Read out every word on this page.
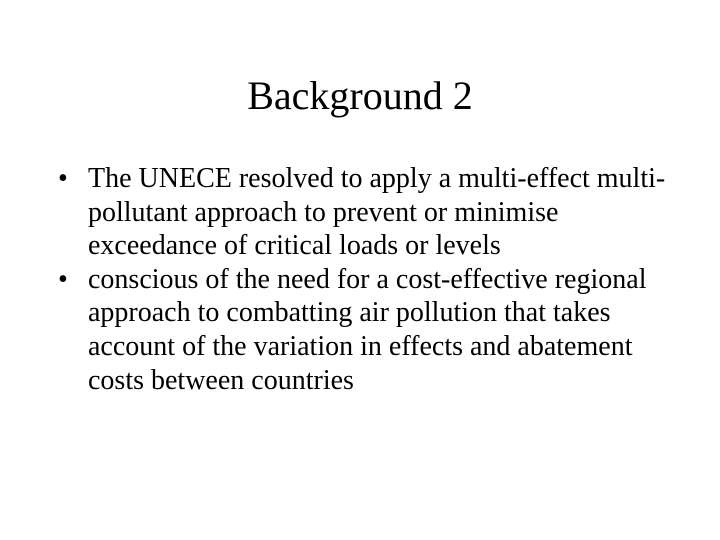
Background 2
• The UNECE resolved to apply a multi-effect multi-pollutant approach to prevent or minimise exceedance of critical loads or levels
• conscious of the need for a cost-effective regional approach to combatting air pollution that takes account of the variation in effects and abatement costs between countries
